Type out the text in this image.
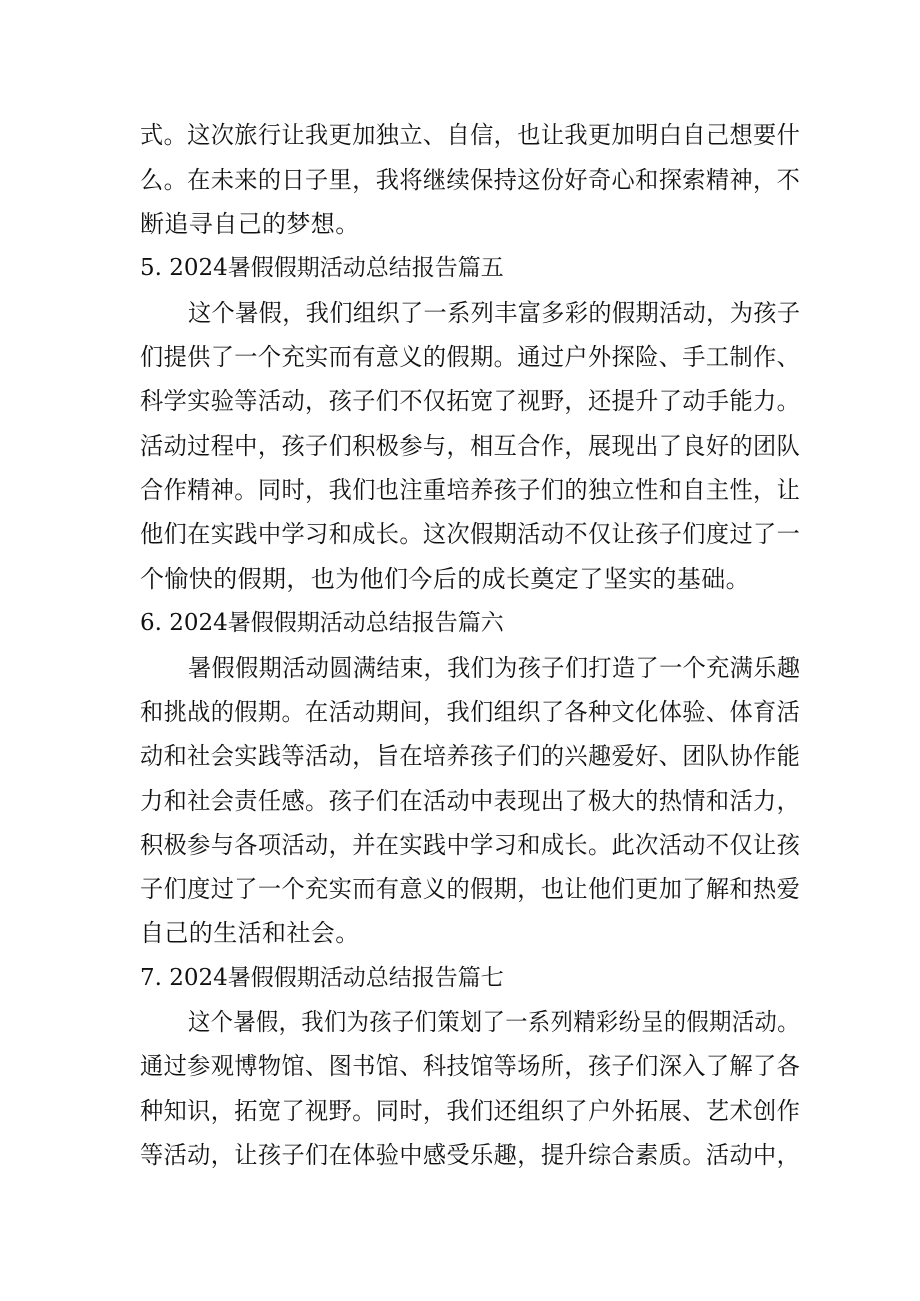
式。这次旅行让我更加独立、自信，也让我更加明白自己想要什
么。在未来的日子里，我将继续保持这份好奇心和探索精神，不
断追寻自己的梦想。
5. 2024暑假假期活动总结报告篇五
这个暑假，我们组织了一系列丰富多彩的假期活动，为孩子
们提供了一个充实而有意义的假期。通过户外探险、手工制作、
科学实验等活动，孩子们不仅拓宽了视野，还提升了动手能力。
活动过程中，孩子们积极参与，相互合作，展现出了良好的团队
合作精神。同时，我们也注重培养孩子们的独立性和自主性，让
他们在实践中学习和成长。这次假期活动不仅让孩子们度过了一
个愉快的假期，也为他们今后的成长奠定了坚实的基础。
6. 2024暑假假期活动总结报告篇六
暑假假期活动圆满结束，我们为孩子们打造了一个充满乐趣
和挑战的假期。在活动期间，我们组织了各种文化体验、体育活
动和社会实践等活动，旨在培养孩子们的兴趣爱好、团队协作能
力和社会责任感。孩子们在活动中表现出了极大的热情和活力，
积极参与各项活动，并在实践中学习和成长。此次活动不仅让孩
子们度过了一个充实而有意义的假期，也让他们更加了解和热爱
自己的生活和社会。
7. 2024暑假假期活动总结报告篇七
这个暑假，我们为孩子们策划了一系列精彩纷呈的假期活动。
通过参观博物馆、图书馆、科技馆等场所，孩子们深入了解了各
种知识，拓宽了视野。同时，我们还组织了户外拓展、艺术创作
等活动，让孩子们在体验中感受乐趣，提升综合素质。活动中，
